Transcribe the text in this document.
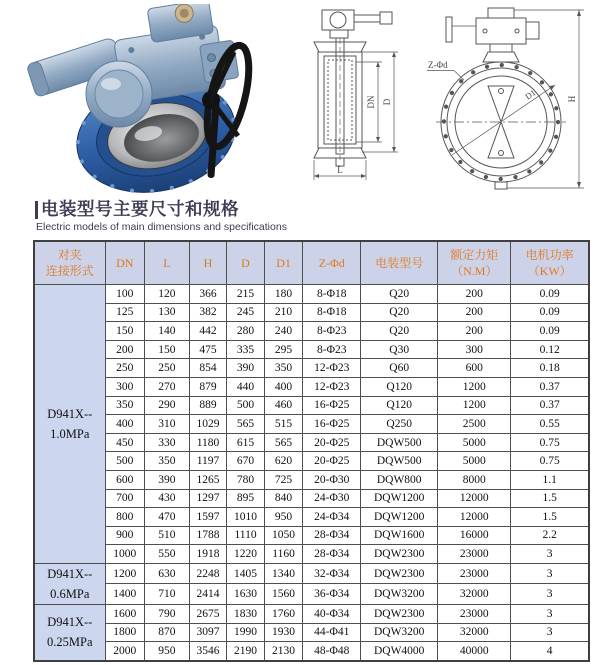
DN D
L
D1
Z-Φd
H
电装型号主要尺寸和规格
Electric models of main dimensions and specifications
对夹
连接形式	DN	L	H	D	D1	Z-Φd	电装型号	额定力矩
（N.M）	电机功率
（KW）
D941X--
1.0MPa	100	120	366	215	180	8-Φ18	Q20	200	0.09
	125	130	382	245	210	8-Φ18	Q20	200	0.09
	150	140	442	280	240	8-Φ23	Q20	200	0.09
	200	150	475	335	295	8-Φ23	Q30	300	0.12
	250	250	854	390	350	12-Φ23	Q60	600	0.18
	300	270	879	440	400	12-Φ23	Q120	1200	0.37
	350	290	889	500	460	16-Φ25	Q120	1200	0.37
	400	310	1029	565	515	16-Φ25	Q250	2500	0.55
	450	330	1180	615	565	20-Φ25	DQW500	5000	0.75
	500	350	1197	670	620	20-Φ25	DQW500	5000	0.75
	600	390	1265	780	725	20-Φ30	DQW800	8000	1.1
	700	430	1297	895	840	24-Φ30	DQW1200	12000	1.5
	800	470	1597	1010	950	24-Φ34	DQW1200	12000	1.5
	900	510	1788	1110	1050	28-Φ34	DQW1600	16000	2.2
	1000	550	1918	1220	1160	28-Φ34	DQW2300	23000	3
D941X--
0.6MPa	1200	630	2248	1405	1340	32-Φ34	DQW2300	23000	3
	1400	710	2414	1630	1560	36-Φ34	DQW3200	32000	3
D941X--
0.25MPa	1600	790	2675	1830	1760	40-Φ34	DQW2300	23000	3
	1800	870	3097	1990	1930	44-Φ41	DQW3200	32000	3
	2000	950	3546	2190	2130	48-Φ48	DQW4000	40000	4
